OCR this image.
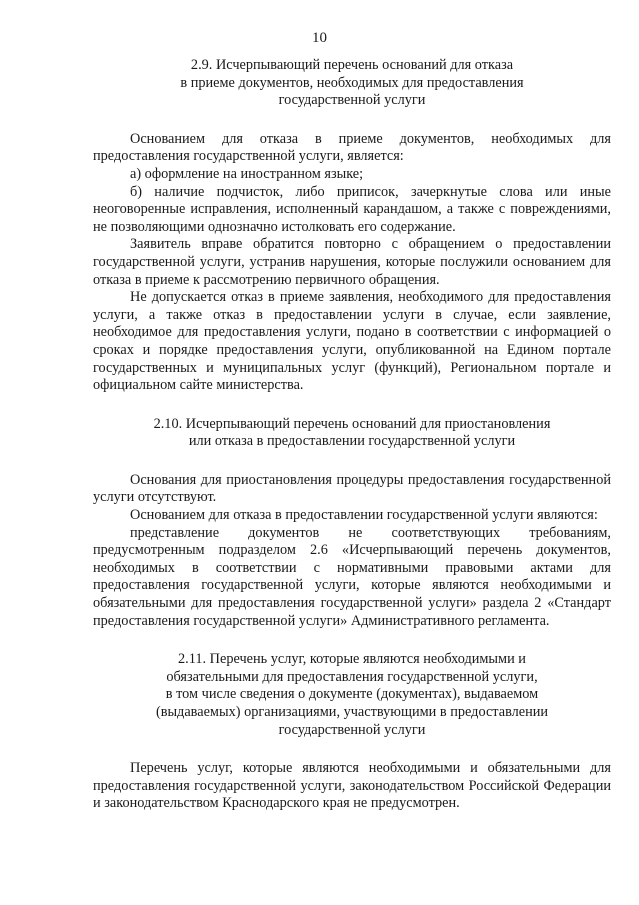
10
2.9. Исчерпывающий перечень оснований для отказа
в приеме документов, необходимых для предоставления
государственной услуги

Основанием для отказа в приеме документов, необходимых для предоставления государственной услуги, является:

а) оформление на иностранном языке;

б) наличие подчисток, либо приписок, зачеркнутые слова или иные неоговоренные исправления, исполненный карандашом, а также с повреждениями, не позволяющими однозначно истолковать его содержание.

Заявитель вправе обратится повторно с обращением о предоставлении государственной услуги, устранив нарушения, которые послужили основанием для отказа в приеме к рассмотрению первичного обращения.

Не допускается отказ в приеме заявления, необходимого для предоставления услуги, а также отказ в предоставлении услуги в случае, если заявление, необходимое для предоставления услуги, подано в соответствии с информацией о сроках и порядке предоставления услуги, опубликованной на Едином портале государственных и муниципальных услуг (функций), Региональном портале и официальном сайте министерства.

2.10. Исчерпывающий перечень оснований для приостановления
или отказа в предоставлении государственной услуги

Основания для приостановления процедуры предоставления государственной услуги отсутствуют.

Основанием для отказа в предоставлении государственной услуги являются:

представление документов не соответствующих требованиям, предусмотренным подразделом 2.6 «Исчерпывающий перечень документов, необходимых в соответствии с нормативными правовыми актами для предоставления государственной услуги, которые являются необходимыми и обязательными для предоставления государственной услуги» раздела 2 «Стандарт предоставления государственной услуги» Административного регламента.

2.11. Перечень услуг, которые являются необходимыми и
обязательными для предоставления государственной услуги,
в том числе сведения о документе (документах), выдаваемом
(выдаваемых) организациями, участвующими в предоставлении
государственной услуги

Перечень услуг, которые являются необходимыми и обязательными для предоставления государственной услуги, законодательством Российской Федерации и законодательством Краснодарского края не предусмотрен.
